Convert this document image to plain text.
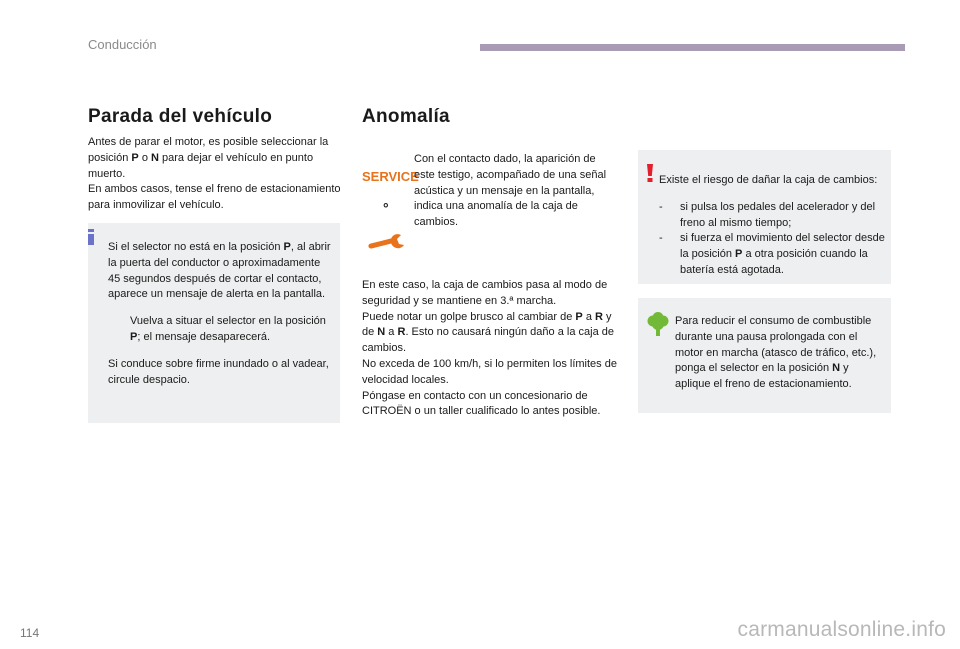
Conducción
Parada del vehículo

Antes de parar el motor, es posible seleccionar la posición P o N para dejar el vehículo en punto muerto.

En ambos casos, tense el freno de estacionamiento para inmovilizar el vehículo.

Si el selector no está en la posición P, al abrir la puerta del conductor o aproximadamente 45 segundos después de cortar el contacto, aparece un mensaje de alerta en la pantalla.

Vuelva a situar el selector en la posición P; el mensaje desaparecerá.

Si conduce sobre firme inundado o al vadear, circule despacio.

Anomalía
SERVICE
°
Con el contacto dado, la aparición de este testigo, acompañado de una señal acústica y un mensaje en la pantalla, indica una anomalía de la caja de cambios.

En este caso, la caja de cambios pasa al modo de seguridad y se mantiene en 3.ª marcha.

Puede notar un golpe brusco al cambiar de P a R y de N a R. Esto no causará ningún daño a la caja de cambios.

No exceda de 100 km/h, si lo permiten los límites de velocidad locales.

Póngase en contacto con un concesionario de CITROËN o un taller cualificado lo antes posible.

Existe el riesgo de dañar la caja de cambios:

- si pulsa los pedales del acelerador y del freno al mismo tiempo;
- si fuerza el movimiento del selector desde la posición P a otra posición cuando la batería está agotada.
Para reducir el consumo de combustible durante una pausa prolongada con el motor en marcha (atasco de tráfico, etc.), ponga el selector en la posición N y aplique el freno de estacionamiento.
114	carmanualsonline.info
